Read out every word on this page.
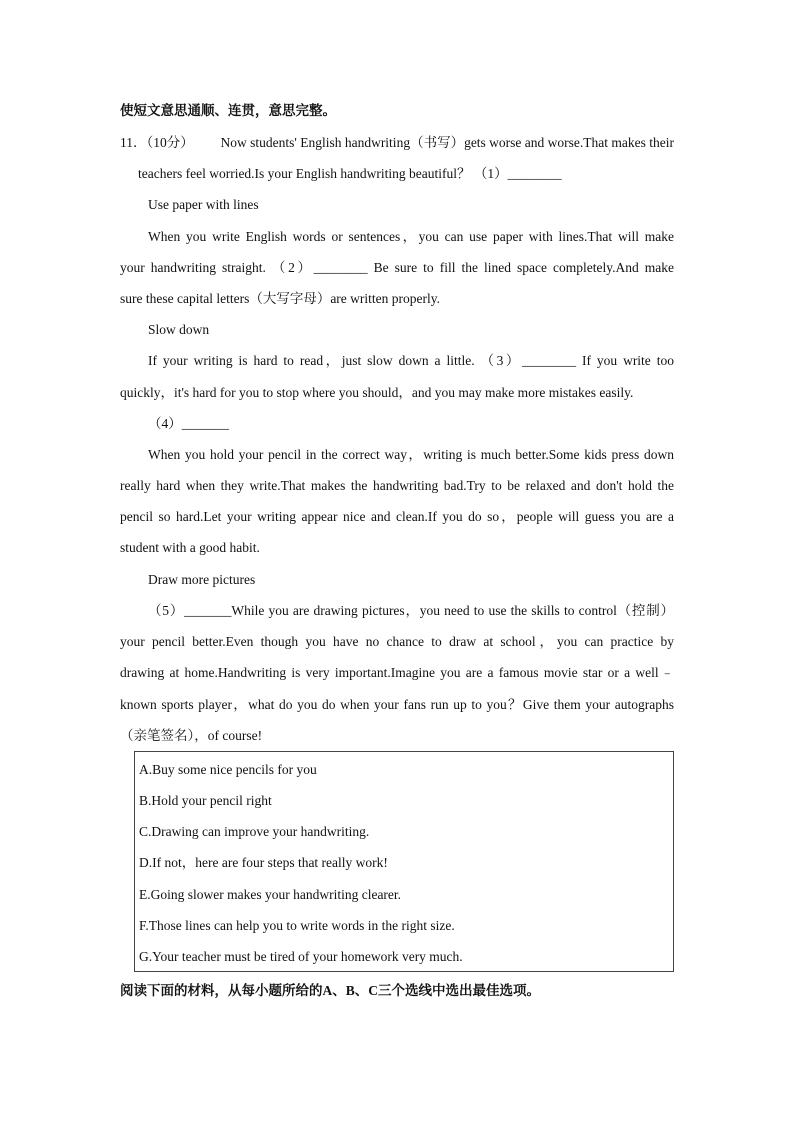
使短文意思通顺、连贯，意思完整。
11．（10分） Now students' English handwriting（书写）gets worse and worse.That makes their
teachers feel worried.Is your English handwriting beautiful？ （1）________
Use paper with lines
When you write English words or sentences，you can use paper with lines.That will make
your handwriting straight. （2）________ Be sure to fill the lined space completely.And make
sure these capital letters（大写字母）are written properly.
Slow down
If your writing is hard to read，just slow down a little. （3）________ If you write too
quickly，it's hard for you to stop where you should，and you may make more mistakes easily.
（4）_______
When you hold your pencil in the correct way，writing is much better.Some kids press down
really hard when they write.That makes the handwriting bad.Try to be relaxed and don't hold the
pencil so hard.Let your writing appear nice and clean.If you do so，people will guess you are a
student with a good habit.
Draw more pictures
（5）_______While you are drawing pictures，you need to use the skills to control（控制）
your pencil better.Even though you have no chance to draw at school，you can practice by
drawing at home.Handwriting is very important.Imagine you are a famous movie star or a well﹣
known sports player，what do you do when your fans run up to you？Give them your autographs
（亲笔签名），of course!
A.Buy some nice pencils for you
B.Hold your pencil right
C.Drawing can improve your handwriting.
D.If not，here are four steps that really work!
E.Going slower makes your handwriting clearer.
F.Those lines can help you to write words in the right size.
G.Your teacher must be tired of your homework very much.
阅读下面的材料，从每小题所给的A、B、C三个选线中选出最佳选项。
